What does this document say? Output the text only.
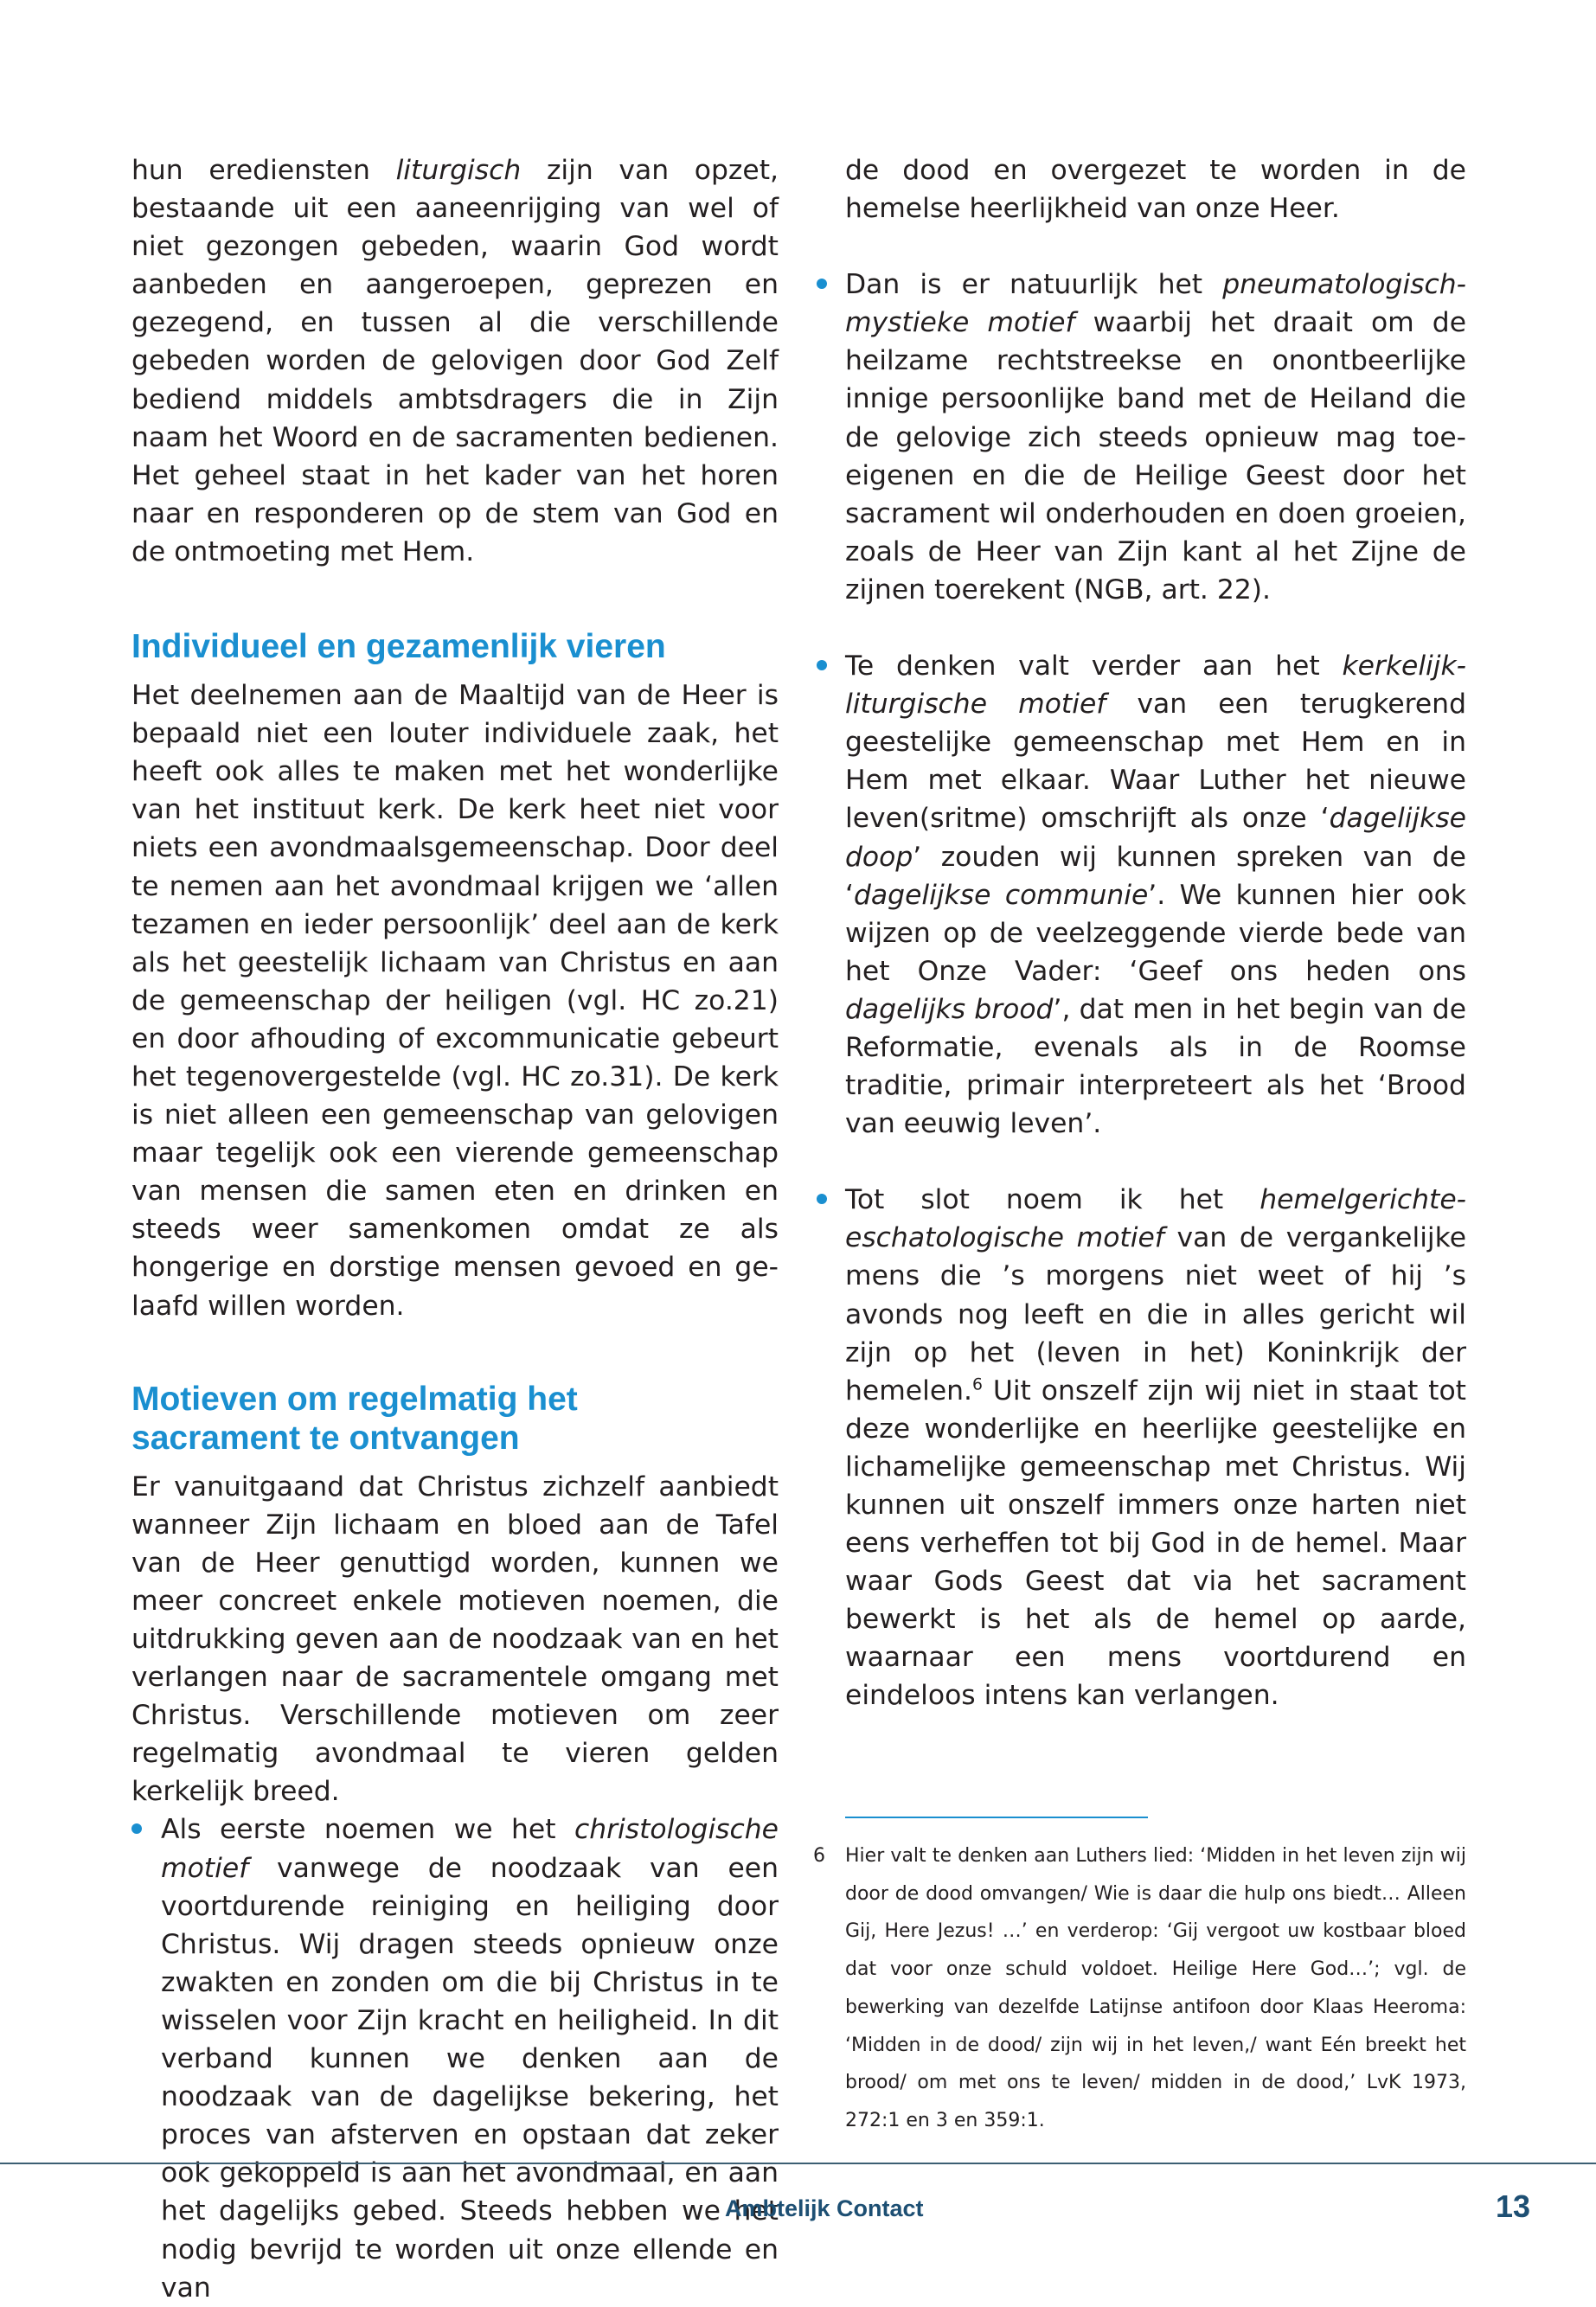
hun erediensten liturgisch zijn van opzet, bestaande uit een aaneenrijging van wel of niet gezongen gebeden, waarin God wordt aanbeden en aangeroepen, geprezen en gezegend, en tussen al die verschillende gebeden worden de gelovigen door God Zelf bediend middels ambtsdragers die in Zijn naam het Woord en de sacramenten bedienen. Het geheel staat in het kader van het horen naar en responderen op de stem van God en de ontmoeting met Hem.

Individueel en gezamenlijk vieren

Het deelnemen aan de Maaltijd van de Heer is bepaald niet een louter individuele zaak, het heeft ook alles te maken met het wonderlijke van het instituut kerk. De kerk heet niet voor niets een avondmaalsgemeenschap. Door deel te nemen aan het avondmaal krijgen we ‘allen tezamen en ieder persoonlijk’ deel aan de kerk als het geestelijk lichaam van Christus en aan de gemeenschap der heiligen (vgl. HC zo.21) en door afhouding of excommunicatie gebeurt het tegenovergestelde (vgl. HC zo.31). De kerk is niet alleen een gemeenschap van gelovigen maar tegelijk ook een vierende gemeenschap van mensen die samen eten en drinken en steeds weer samenkomen omdat ze als hongerige en dorstige mensen gevoed en gelaafd willen worden.

Motieven om regelmatig het
sacrament te ontvangen

Er vanuitgaand dat Christus zichzelf aanbiedt wanneer Zijn lichaam en bloed aan de Tafel van de Heer genuttigd worden, kunnen we meer concreet enkele motieven noemen, die uitdrukking geven aan de noodzaak van en het verlangen naar de sacramentele omgang met Christus. Verschillende motieven om zeer regelmatig avondmaal te vieren gelden kerkelijk breed.

Als eerste noemen we het christologische motief vanwege de noodzaak van een voortdurende reiniging en heiliging door Christus. Wij dragen steeds opnieuw onze zwakten en zonden om die bij Christus in te wisselen voor Zijn kracht en heiligheid. In dit verband kunnen we denken aan de noodzaak van de dagelijkse bekering, het proces van afsterven en opstaan dat zeker ook gekoppeld is aan het avondmaal, en aan het dagelijks gebed. Steeds hebben we het nodig bevrijd te worden uit onze ellende en van

de dood en overgezet te worden in de hemelse heerlijkheid van onze Heer.

Dan is er natuurlijk het pneumatologisch-mystieke motief waarbij het draait om de heilzame rechtstreekse en onontbeerlijke innige persoonlijke band met de Heiland die de gelovige zich steeds opnieuw mag toe-eigenen en die de Heilige Geest door het sacrament wil onderhouden en doen groeien, zoals de Heer van Zijn kant al het Zijne de zijnen toerekent (NGB, art. 22).

Te denken valt verder aan het kerkelijk-liturgische motief van een terugkerend geestelijke gemeenschap met Hem en in Hem met elkaar. Waar Luther het nieuwe leven(sritme) omschrijft als onze ‘dagelijkse doop’ zouden wij kunnen spreken van de ‘dagelijkse communie’. We kunnen hier ook wijzen op de veelzeggende vierde bede van het Onze Vader: ‘Geef ons heden ons dagelijks brood’, dat men in het begin van de Reformatie, evenals als in de Roomse traditie, primair interpreteert als het ‘Brood van eeuwig leven’.

Tot slot noem ik het hemelgerichte-eschatologische motief van de vergankelijke mens die ’s morgens niet weet of hij ’s avonds nog leeft en die in alles gericht wil zijn op het (leven in het) Koninkrijk der hemelen.$^6$ Uit onszelf zijn wij niet in staat tot deze wonderlijke en heerlijke geestelijke en lichamelijke gemeenschap met Christus. Wij kunnen uit onszelf immers onze harten niet eens verheffen tot bij God in de hemel. Maar waar Gods Geest dat via het sacrament bewerkt is het als de hemel op aarde, waarnaar een mens voortdurend en eindeloos intens kan verlangen.

6 Hier valt te denken aan Luthers lied: ‘Midden in het leven zijn wij door de dood omvangen/ Wie is daar die hulp ons biedt… Alleen Gij, Here Jezus! …’ en verderop: ‘Gij vergoot uw kostbaar bloed dat voor onze schuld voldoet. Heilige Here God…’; vgl. de bewerking van dezelfde Latijnse antifoon door Klaas Heeroma: ‘Midden in de dood/ zijn wij in het leven,/ want Eén breekt het brood/ om met ons te leven/ midden in de dood,’ LvK 1973, 272:1 en 3 en 359:1.

Ambtelijk Contact	13
